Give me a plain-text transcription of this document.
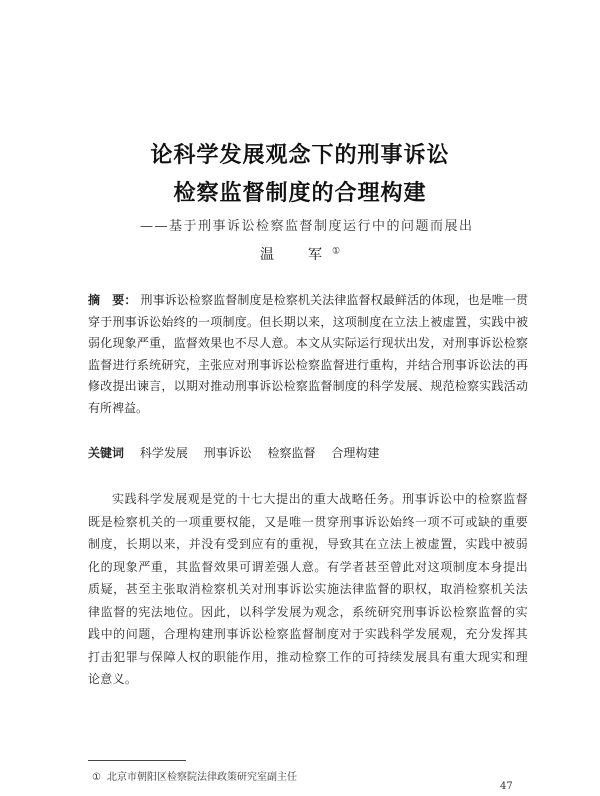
论科学发展观念下的刑事诉讼
检察监督制度的合理构建
——基于刑事诉讼检察监督制度运行中的问题而展出
温　军①
摘　要： 刑事诉讼检察监督制度是检察机关法律监督权最鲜活的体现，也是唯一贯穿于刑事诉讼始终的一项制度。但长期以来，这项制度在立法上被虚置，实践中被弱化现象严重，监督效果也不尽人意。本文从实际运行现状出发，对刑事诉讼检察监督进行系统研究，主张应对刑事诉讼检察监督进行重构，并结合刑事诉讼法的再修改提出谏言，以期对推动刑事诉讼检察监督制度的科学发展、规范检察实践活动有所裨益。
关键词 科学发展 刑事诉讼 检察监督 合理构建
实践科学发展观是党的十七大提出的重大战略任务。刑事诉讼中的检察监督既是检察机关的一项重要权能，又是唯一贯穿刑事诉讼始终一项不可或缺的重要制度，长期以来，并没有受到应有的重视，导致其在立法上被虚置，实践中被弱化的现象严重，其监督效果可谓差强人意。有学者甚至曾此对这项制度本身提出质疑，甚至主张取消检察机关对刑事诉讼实施法律监督的职权，取消检察机关法律监督的宪法地位。因此，以科学发展为观念，系统研究刑事诉讼检察监督的实践中的问题，合理构建刑事诉讼检察监督制度对于实践科学发展观，充分发挥其打击犯罪与保障人权的职能作用，推动检察工作的可持续发展具有重大现实和理论意义。
① 北京市朝阳区检察院法律政策研究室副主任
47
